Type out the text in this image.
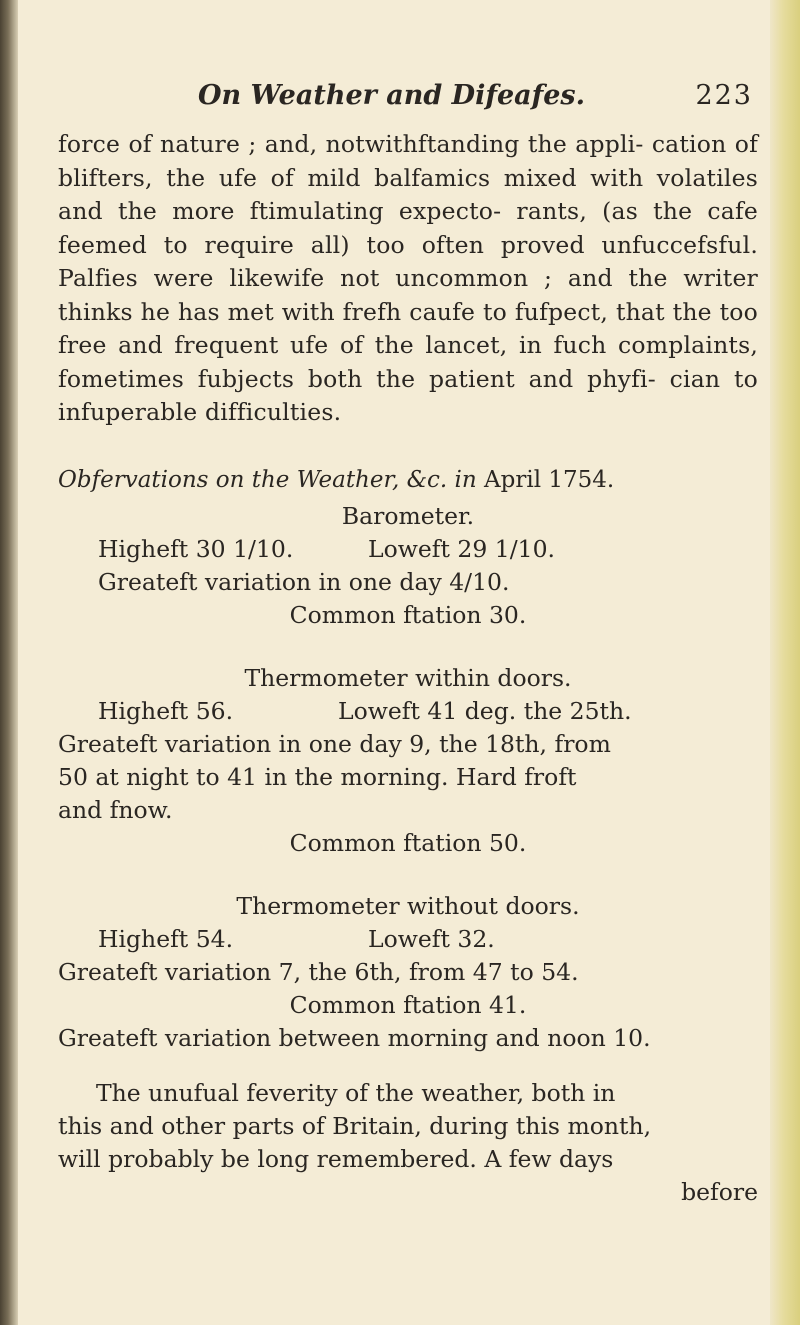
On Weather and Difeafes.	223

force of nature ; and, notwithftanding the appli- cation of blifters, the ufe of mild balfamics mixed with volatiles and the more ftimulating expecto- rants, (as the cafe feemed to require all) too often proved unfuccefsful. Palfies were likewife not uncommon ; and the writer thinks he has met with frefh caufe to fufpect, that the too free and frequent ufe of the lancet, in fuch complaints, fometimes fubjects both the patient and phyfi- cian to infuperable difficulties.

Obfervations on the Weather, &c. in April 1754.
Barometer.
Higheft 30 1/10.	Loweft 29 1/10.
Greateft variation in one day 4/10.
Common ftation 30.
Thermometer within doors.
Higheft 56.	Loweft 41 deg. the 25th.
Greateft variation in one day 9, the 18th, from
50 at night to 41 in the morning. Hard froft
and fnow.
Common ftation 50.
Thermometer without doors.
Higheft 54.	Loweft 32.
Greateft variation 7, the 6th, from 47 to 54.
Common ftation 41.
Greateft variation between morning and noon 10.
The unufual feverity of the weather, both in
this and other parts of Britain, during this month,
will probably be long remembered. A few days
before
